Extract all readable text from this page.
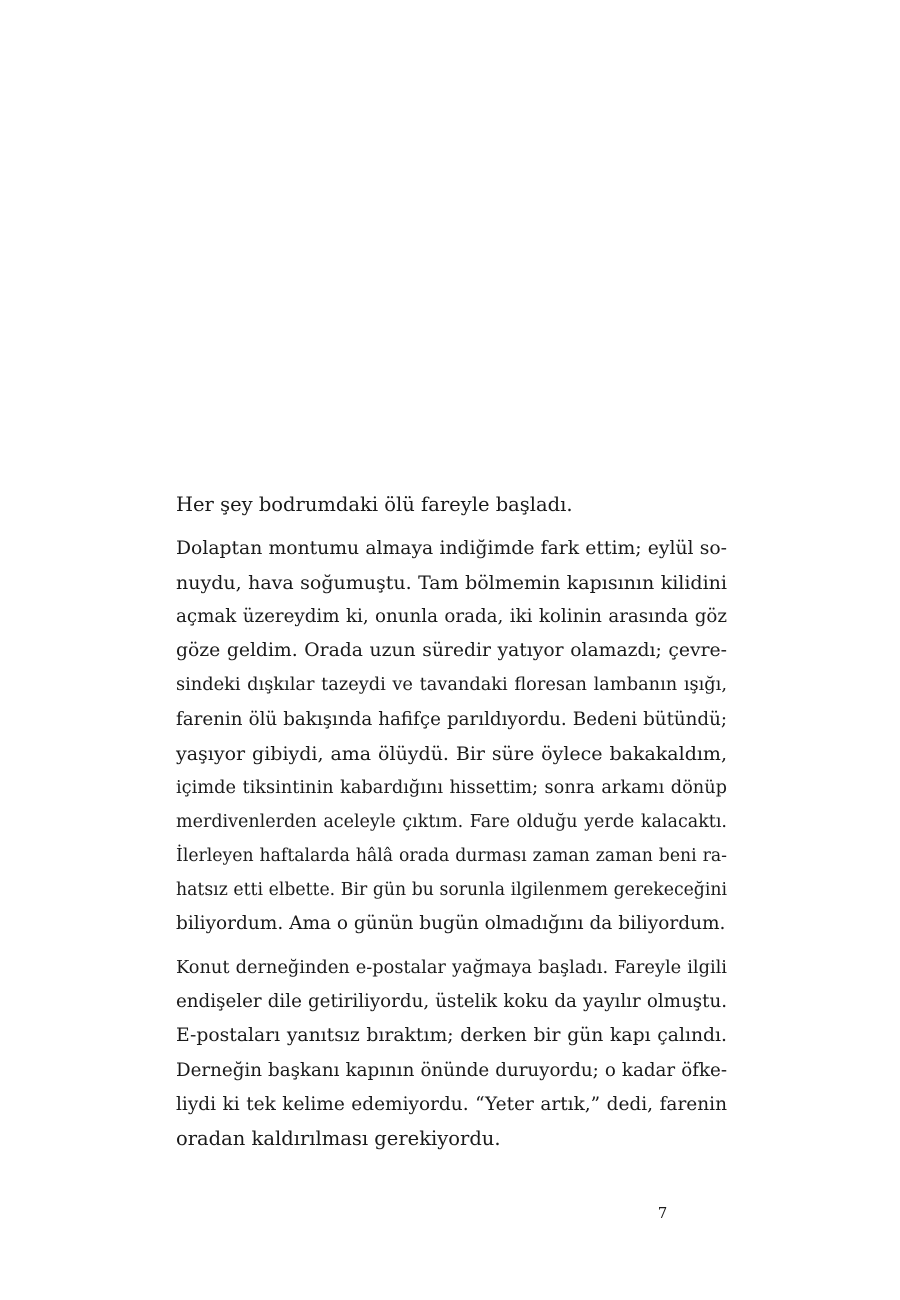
Her şey bodrumdaki ölü fareyle başladı.

Dolaptan montumu almaya indiğimde fark ettim; eylül so-
nuydu, hava soğumuştu. Tam bölmemin kapısının kilidini
açmak üzereydim ki, onunla orada, iki kolinin arasında göz
göze geldim. Orada uzun süredir yatıyor olamazdı; çevre-
sindeki dışkılar tazeydi ve tavandaki floresan lambanın ışığı,
farenin ölü bakışında hafifçe parıldıyordu. Bedeni bütündü;
yaşıyor gibiydi, ama ölüydü. Bir süre öylece bakakaldım,
içimde tiksintinin kabardığını hissettim; sonra arkamı dönüp
merdivenlerden aceleyle çıktım. Fare olduğu yerde kalacaktı.
İlerleyen haftalarda hâlâ orada durması zaman zaman beni ra-
hatsız etti elbette. Bir gün bu sorunla ilgilenmem gerekeceğini
biliyordum. Ama o günün bugün olmadığını da biliyordum.

Konut derneğinden e-postalar yağmaya başladı. Fareyle ilgili
endişeler dile getiriliyordu, üstelik koku da yayılır olmuştu.
E-postaları yanıtsız bıraktım; derken bir gün kapı çalındı.
Derneğin başkanı kapının önünde duruyordu; o kadar öfke-
liydi ki tek kelime edemiyordu. “Yeter artık,” dedi, farenin
oradan kaldırılması gerekiyordu.

7
